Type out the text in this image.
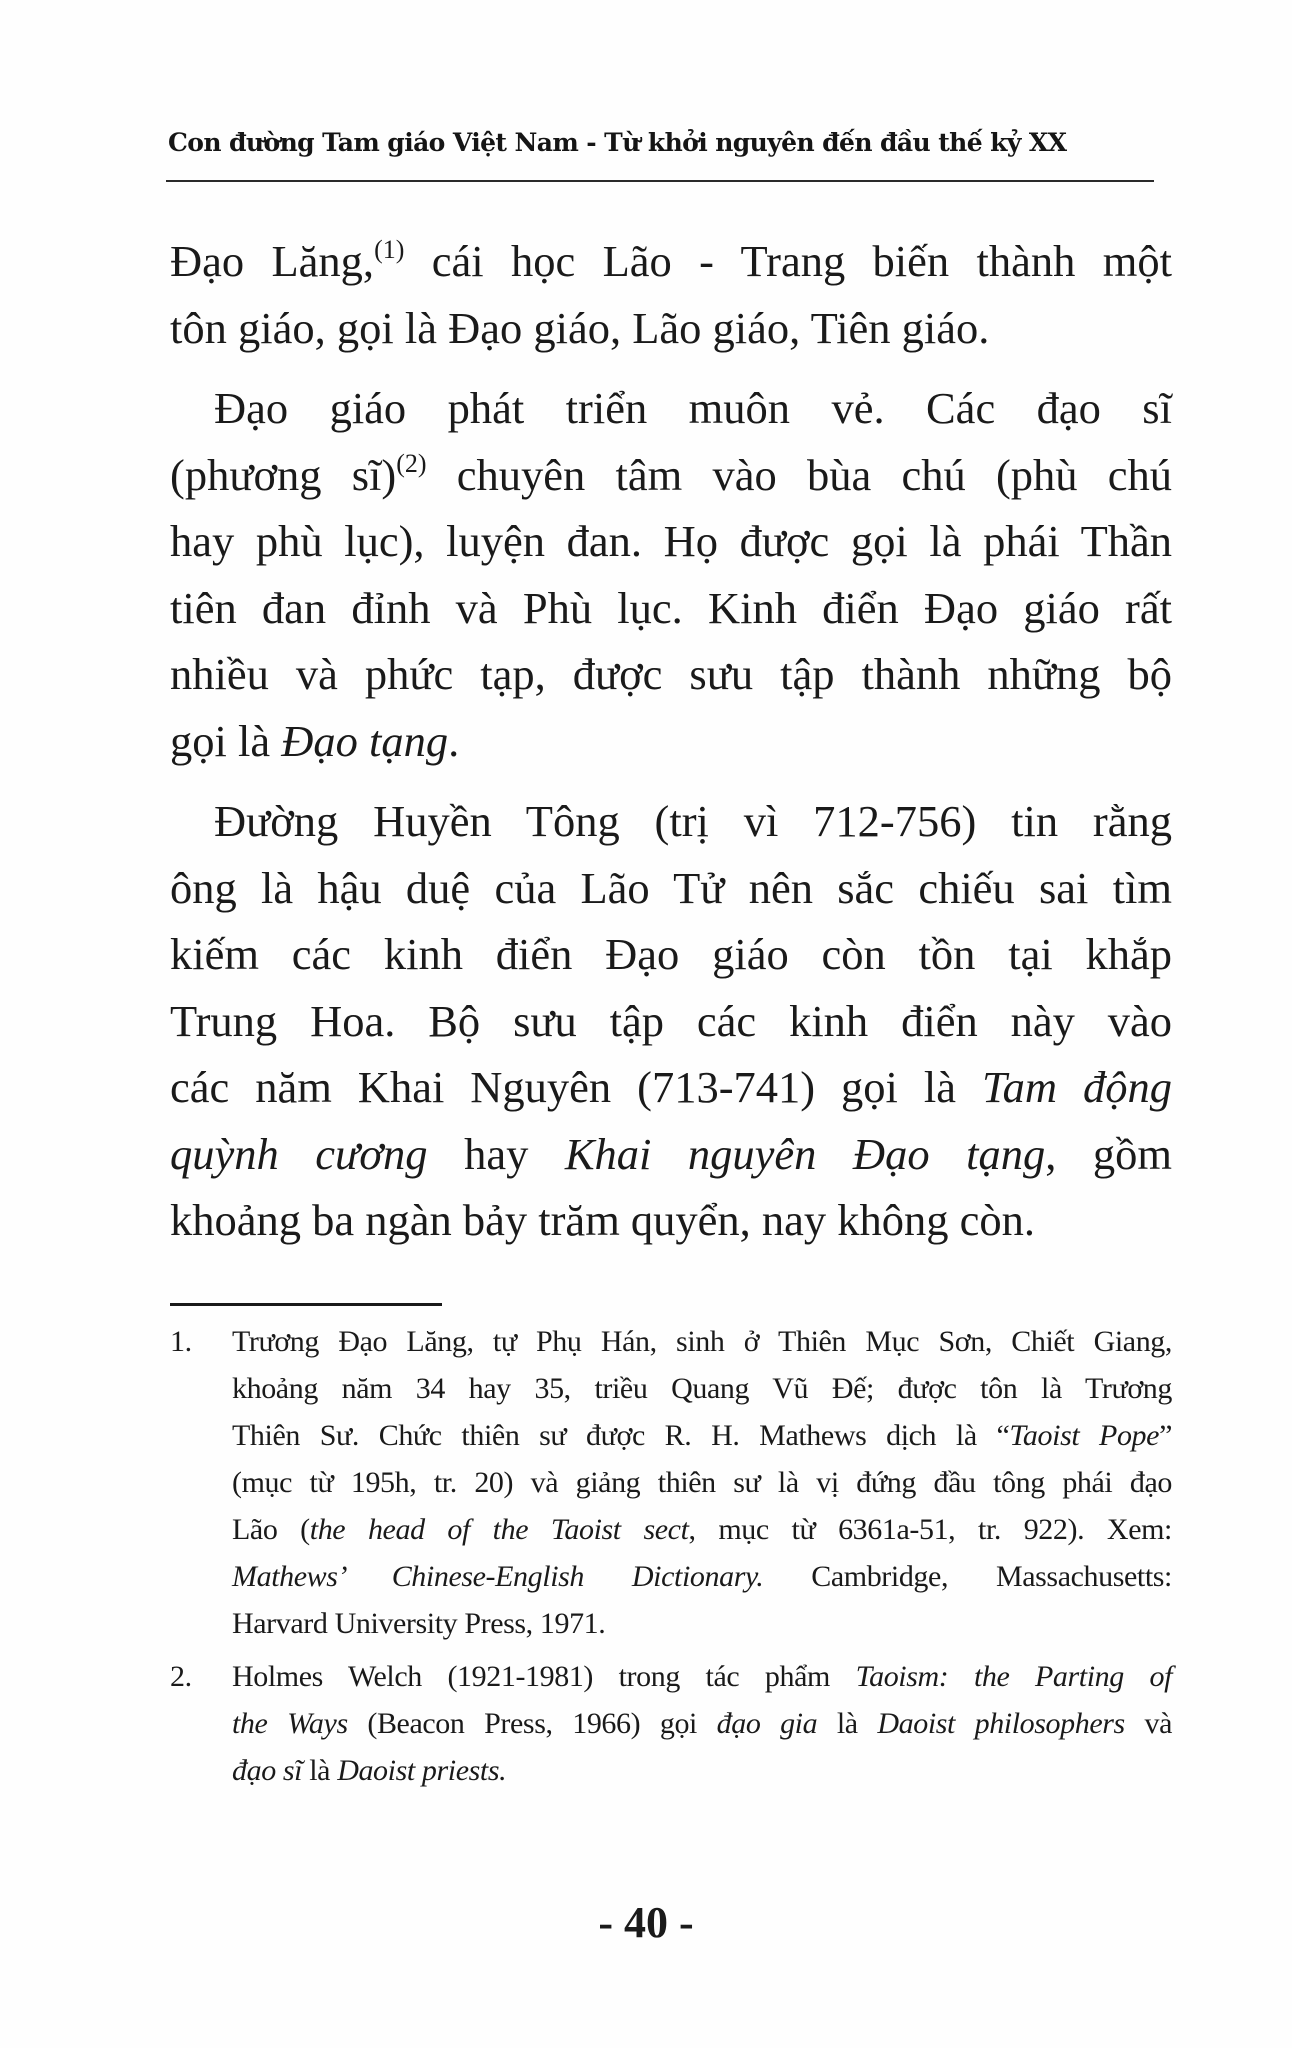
Con đường Tam giáo Việt Nam - Từ khởi nguyên đến đầu thế kỷ XX

Đạo Lăng,$^{(1)}$ cái học Lão - Trang biến thành một
tôn giáo, gọi là Đạo giáo, Lão giáo, Tiên giáo.

Đạo giáo phát triển muôn vẻ. Các đạo sĩ
(phương sĩ)$^{(2)}$ chuyên tâm vào bùa chú (phù chú
hay phù lục), luyện đan. Họ được gọi là phái Thần
tiên đan đỉnh và Phù lục. Kinh điển Đạo giáo rất
nhiều và phức tạp, được sưu tập thành những bộ
gọi là Đạo tạng.

Đường Huyền Tông (trị vì 712-756) tin rằng
ông là hậu duệ của Lão Tử nên sắc chiếu sai tìm
kiếm các kinh điển Đạo giáo còn tồn tại khắp
Trung Hoa. Bộ sưu tập các kinh điển này vào
các năm Khai Nguyên (713-741) gọi là Tam động
quỳnh cương hay Khai nguyên Đạo tạng, gồm
khoảng ba ngàn bảy trăm quyển, nay không còn.

1. Trương Đạo Lăng, tự Phụ Hán, sinh ở Thiên Mục Sơn, Chiết Giang,
khoảng năm 34 hay 35, triều Quang Vũ Đế; được tôn là Trương
Thiên Sư. Chức thiên sư được R. H. Mathews dịch là “Taoist Pope”
(mục từ 195h, tr. 20) và giảng thiên sư là vị đứng đầu tông phái đạo
Lão (the head of the Taoist sect, mục từ 6361a-51, tr. 922). Xem:
Mathews’ Chinese-English Dictionary. Cambridge, Massachusetts:
Harvard University Press, 1971.
2. Holmes Welch (1921-1981) trong tác phẩm Taoism: the Parting of
the Ways (Beacon Press, 1966) gọi đạo gia là Daoist philosophers và
đạo sĩ là Daoist priests.
- 40 -
